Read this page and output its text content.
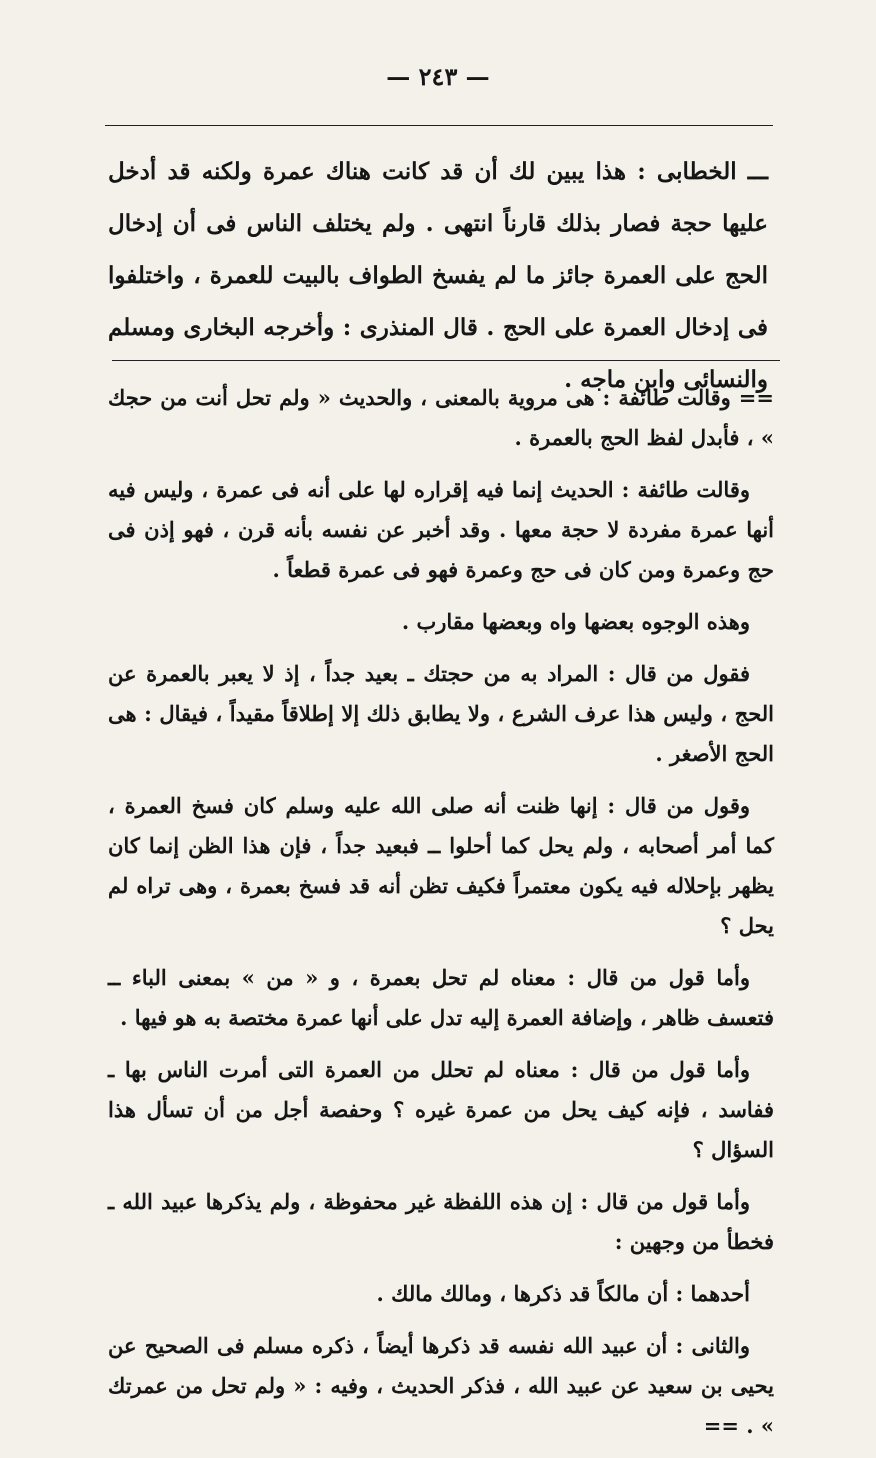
— ٢٤٣ —
ـــ الخطابى : هذا يبين لك أن قد كانت هناك عمرة ولكنه قد أدخل عليها حجة فصار بذلك قارناً انتهى . ولم يختلف الناس فى أن إدخال الحج على العمرة جائز ما لم يفسخ الطواف بالبيت للعمرة ، واختلفوا فى إدخال العمرة على الحج . قال المنذرى : وأخرجه البخارى ومسلم والنسائى وابن ماجه .

== وقالت طائفة : هى مروية بالمعنى ، والحديث « ولم تحل أنت من حجك » ، فأبدل لفظ الحج بالعمرة .

وقالت طائفة : الحديث إنما فيه إقراره لها على أنه فى عمرة ، وليس فيه أنها عمرة مفردة لا حجة معها . وقد أخبر عن نفسه بأنه قرن ، فهو إذن فى حج وعمرة ومن كان فى حج وعمرة فهو فى عمرة قطعاً .

وهذه الوجوه بعضها واه وبعضها مقارب .

فقول من قال : المراد به من حجتك ـ بعيد جداً ، إذ لا يعبر بالعمرة عن الحج ، وليس هذا عرف الشرع ، ولا يطابق ذلك إلا إطلاقاً مقيداً ، فيقال : هى الحج الأصغر .

وقول من قال : إنها ظنت أنه صلى الله عليه وسلم كان فسخ العمرة ، كما أمر أصحابه ، ولم يحل كما أحلوا ــ فبعيد جداً ، فإن هذا الظن إنما كان يظهر بإحلاله فيه يكون معتمراً فكيف تظن أنه قد فسخ بعمرة ، وهى تراه لم يحل ؟

وأما قول من قال : معناه لم تحل بعمرة ، و « من » بمعنى الباء ــ فتعسف ظاهر ، وإضافة العمرة إليه تدل على أنها عمرة مختصة به هو فيها .

وأما قول من قال : معناه لم تحلل من العمرة التى أمرت الناس بها ـ ففاسد ، فإنه كيف يحل من عمرة غيره ؟ وحفصة أجل من أن تسأل هذا السؤال ؟

وأما قول من قال : إن هذه اللفظة غير محفوظة ، ولم يذكرها عبيد الله ـ فخطأ من وجهين :

أحدهما : أن مالكاً قد ذكرها ، ومالك مالك .

والثانى : أن عبيد الله نفسه قد ذكرها أيضاً ، ذكره مسلم فى الصحيح عن يحيى بن سعيد عن عبيد الله ، فذكر الحديث ، وفيه : « ولم تحل من عمرتك » . ==
